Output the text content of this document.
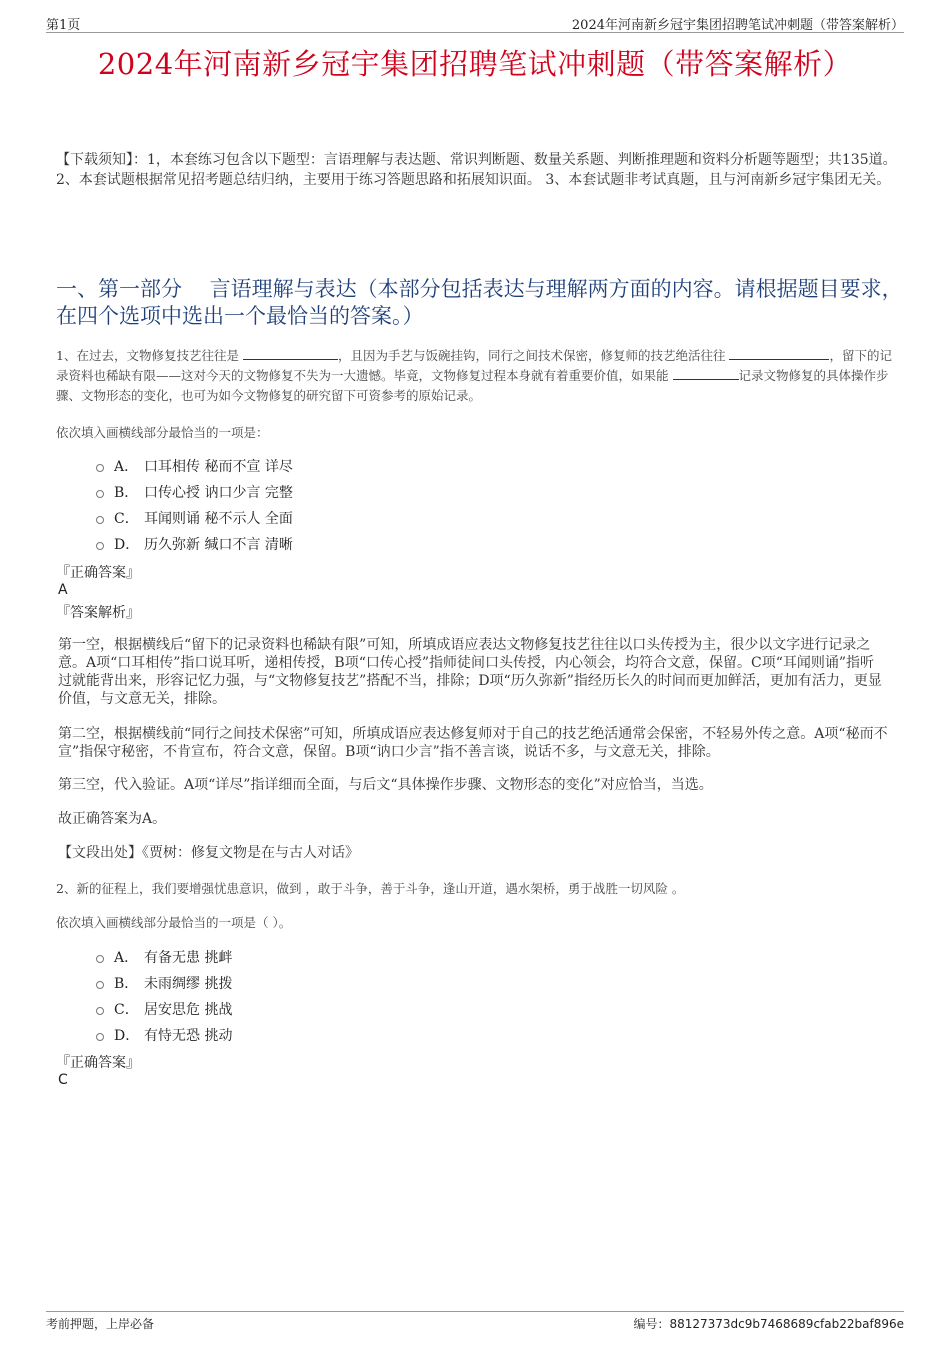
第1页	2024年河南新乡冠宇集团招聘笔试冲刺题（带答案解析）
2024年河南新乡冠宇集团招聘笔试冲刺题（带答案解析）
【下载须知】：1，本套练习包含以下题型：言语理解与表达题、常识判断题、数量关系题、判断推理题和资料分析题等题型；共135道。 2、本套试题根据常见招考题总结归纳，主要用于练习答题思路和拓展知识面。 3、本套试题非考试真题，且与河南新乡冠宇集团无关。
一、第一部分　 言语理解与表达（本部分包括表达与理解两方面的内容。请根据题目要求，在四个选项中选出一个最恰当的答案。）
1、在过去，文物修复技艺往往是	，且因为手艺与饭碗挂钩，同行之间技术保密，修复师的技艺绝活往往	，留下的记录资料也稀缺有限——这对今天的文物修复不失为一大遗憾。毕竟，文物修复过程本身就有着重要价值，如果能	记录文物修复的具体操作步骤、文物形态的变化，也可为如今文物修复的研究留下可资参考的原始记录。
依次填入画横线部分最恰当的一项是：
A． 口耳相传 秘而不宣 详尽
B． 口传心授 讷口少言 完整
C． 耳闻则诵 秘不示人 全面
D． 历久弥新 缄口不言 清晰
『正确答案』
A
『答案解析』
第一空，根据横线后“留下的记录资料也稀缺有限”可知，所填成语应表达文物修复技艺往往以口头传授为主，很少以文字进行记录之意。A项“口耳相传”指口说耳听，递相传授，B项“口传心授”指师徒间口头传授，内心领会，均符合文意，保留。C项“耳闻则诵”指听过就能背出来，形容记忆力强，与“文物修复技艺”搭配不当，排除；D项“历久弥新”指经历长久的时间而更加鲜活，更加有活力，更显价值，与文意无关，排除。
第二空，根据横线前“同行之间技术保密”可知，所填成语应表达修复师对于自己的技艺绝活通常会保密，不轻易外传之意。A项“秘而不宣”指保守秘密，不肯宣布，符合文意，保留。B项“讷口少言”指不善言谈，说话不多，与文意无关，排除。
第三空，代入验证。A项“详尽”指详细而全面，与后文“具体操作步骤、文物形态的变化”对应恰当，当选。
故正确答案为A。
【文段出处】《贾树：修复文物是在与古人对话》
2、新的征程上，我们要增强忧患意识，做到 ，敢于斗争，善于斗争，逢山开道，遇水架桥，勇于战胜一切风险 。
依次填入画横线部分最恰当的一项是（ ）。
A． 有备无患 挑衅
B． 未雨绸缪 挑拨
C． 居安思危 挑战
D． 有恃无恐 挑动
『正确答案』
C
考前押题，上岸必备	编号：88127373dc9b7468689cfab22baf896e
